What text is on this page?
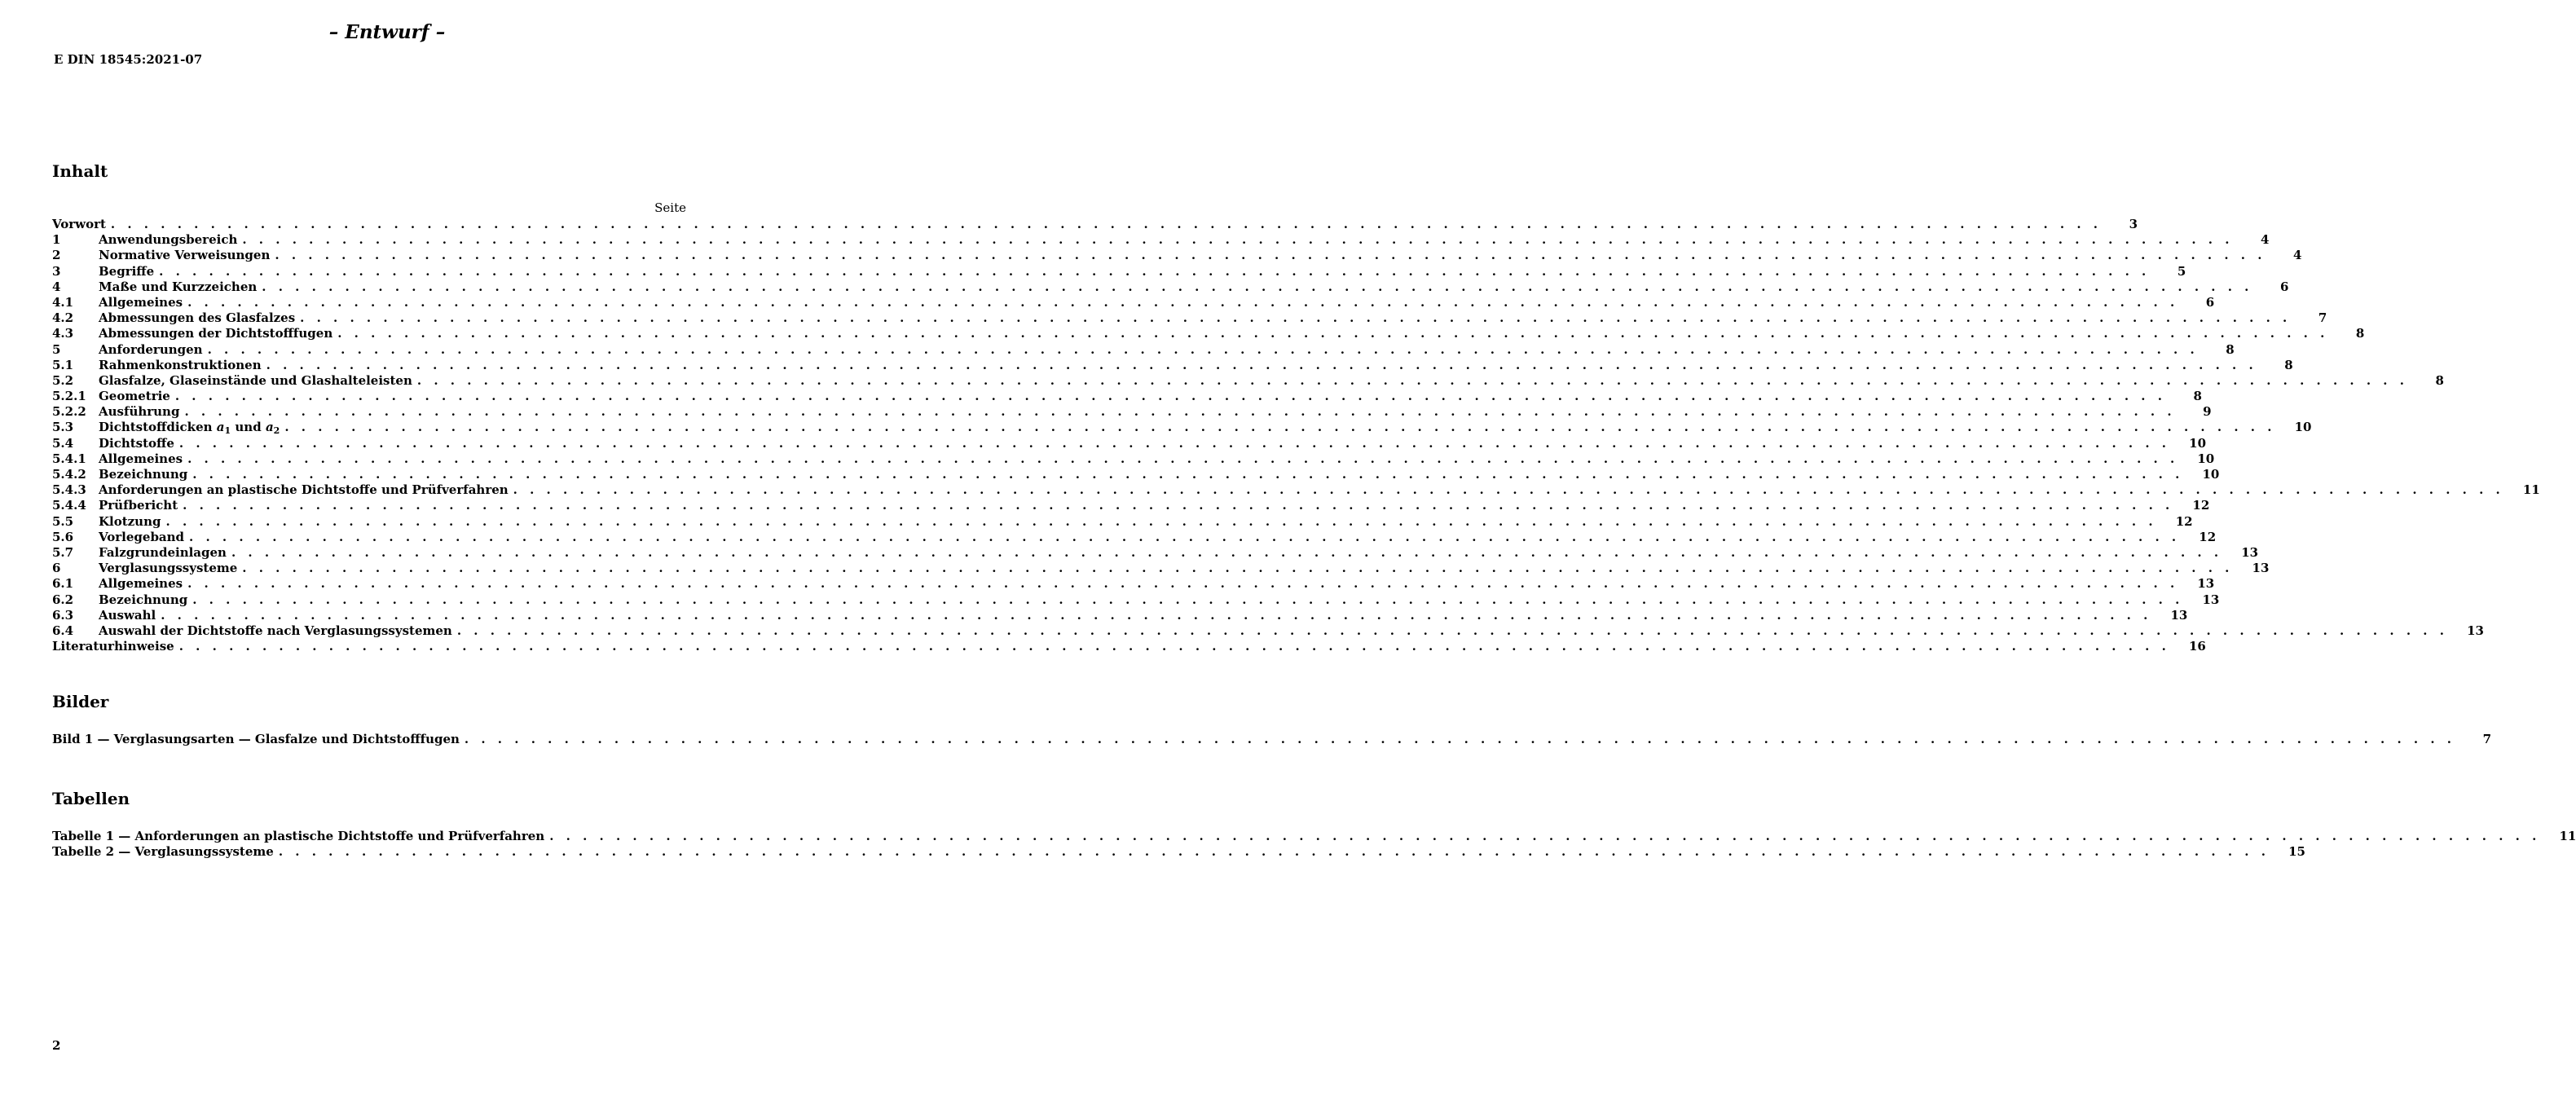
– Entwurf –
E DIN 18545:2021-07
Inhalt
Seite
Vorwort . . . . . . . . . . . . . . . . . . . . . . . . . . . . . . . . . . . . . . . . . . . . . . . . . . . . . . . . . . . . . . . . . . . . . . . . . . . . . . . . . . . . . . . . . . . . . . . . . . . . . . . . . . . . . . . . . . . . . . . .	3
1	Anwendungsbereich . . . . . . . . . . . . . . . . . . . . . . . . . . . . . . . . . . . . . . . . . . . . . . . . . . . . . . . . . . . . . . . . . . . . . . . . . . . . . . . . . . . . . . . . . . . . . . . . . . . . . . . . . . . . . . . . . . . . . . . .	4
2	Normative Verweisungen . . . . . . . . . . . . . . . . . . . . . . . . . . . . . . . . . . . . . . . . . . . . . . . . . . . . . . . . . . . . . . . . . . . . . . . . . . . . . . . . . . . . . . . . . . . . . . . . . . . . . . . . . . . . . . . . . . . . . . . .	4
3	Begriffe . . . . . . . . . . . . . . . . . . . . . . . . . . . . . . . . . . . . . . . . . . . . . . . . . . . . . . . . . . . . . . . . . . . . . . . . . . . . . . . . . . . . . . . . . . . . . . . . . . . . . . . . . . . . . . . . . . . . . . . .	5
4	Maße und Kurzzeichen . . . . . . . . . . . . . . . . . . . . . . . . . . . . . . . . . . . . . . . . . . . . . . . . . . . . . . . . . . . . . . . . . . . . . . . . . . . . . . . . . . . . . . . . . . . . . . . . . . . . . . . . . . . . . . . . . . . . . . . .	6
4.1	Allgemeines . . . . . . . . . . . . . . . . . . . . . . . . . . . . . . . . . . . . . . . . . . . . . . . . . . . . . . . . . . . . . . . . . . . . . . . . . . . . . . . . . . . . . . . . . . . . . . . . . . . . . . . . . . . . . . . . . . . . . . . .	6
4.2	Abmessungen des Glasfalzes . . . . . . . . . . . . . . . . . . . . . . . . . . . . . . . . . . . . . . . . . . . . . . . . . . . . . . . . . . . . . . . . . . . . . . . . . . . . . . . . . . . . . . . . . . . . . . . . . . . . . . . . . . . . . . . . . . . . . . . .	7
4.3	Abmessungen der Dichtstofffugen . . . . . . . . . . . . . . . . . . . . . . . . . . . . . . . . . . . . . . . . . . . . . . . . . . . . . . . . . . . . . . . . . . . . . . . . . . . . . . . . . . . . . . . . . . . . . . . . . . . . . . . . . . . . . . . . . . . . . . . .	8
5	Anforderungen . . . . . . . . . . . . . . . . . . . . . . . . . . . . . . . . . . . . . . . . . . . . . . . . . . . . . . . . . . . . . . . . . . . . . . . . . . . . . . . . . . . . . . . . . . . . . . . . . . . . . . . . . . . . . . . . . . . . . . . .	8
5.1	Rahmenkonstruktionen . . . . . . . . . . . . . . . . . . . . . . . . . . . . . . . . . . . . . . . . . . . . . . . . . . . . . . . . . . . . . . . . . . . . . . . . . . . . . . . . . . . . . . . . . . . . . . . . . . . . . . . . . . . . . . . . . . . . . . . .	8
5.2	Glasfalze, Glaseinstände und Glashalteleisten . . . . . . . . . . . . . . . . . . . . . . . . . . . . . . . . . . . . . . . . . . . . . . . . . . . . . . . . . . . . . . . . . . . . . . . . . . . . . . . . . . . . . . . . . . . . . . . . . . . . . . . . . . . . . . . . . . . . . . . .	8
5.2.1	Geometrie . . . . . . . . . . . . . . . . . . . . . . . . . . . . . . . . . . . . . . . . . . . . . . . . . . . . . . . . . . . . . . . . . . . . . . . . . . . . . . . . . . . . . . . . . . . . . . . . . . . . . . . . . . . . . . . . . . . . . . . .	8
5.2.2	Ausführung . . . . . . . . . . . . . . . . . . . . . . . . . . . . . . . . . . . . . . . . . . . . . . . . . . . . . . . . . . . . . . . . . . . . . . . . . . . . . . . . . . . . . . . . . . . . . . . . . . . . . . . . . . . . . . . . . . . . . . . .	9
5.3	Dichtstoffdicken $a_1$ und $a_2$ . . . . . . . . . . . . . . . . . . . . . . . . . . . . . . . . . . . . . . . . . . . . . . . . . . . . . . . . . . . . . . . . . . . . . . . . . . . . . . . . . . . . . . . . . . . . . . . . . . . . . . . . . . . . . . . . . . . . . . . .	10
5.4	Dichtstoffe . . . . . . . . . . . . . . . . . . . . . . . . . . . . . . . . . . . . . . . . . . . . . . . . . . . . . . . . . . . . . . . . . . . . . . . . . . . . . . . . . . . . . . . . . . . . . . . . . . . . . . . . . . . . . . . . . . . . . . . .	10
5.4.1	Allgemeines . . . . . . . . . . . . . . . . . . . . . . . . . . . . . . . . . . . . . . . . . . . . . . . . . . . . . . . . . . . . . . . . . . . . . . . . . . . . . . . . . . . . . . . . . . . . . . . . . . . . . . . . . . . . . . . . . . . . . . . .	10
5.4.2	Bezeichnung . . . . . . . . . . . . . . . . . . . . . . . . . . . . . . . . . . . . . . . . . . . . . . . . . . . . . . . . . . . . . . . . . . . . . . . . . . . . . . . . . . . . . . . . . . . . . . . . . . . . . . . . . . . . . . . . . . . . . . . .	10
5.4.3	Anforderungen an plastische Dichtstoffe und Prüfverfahren . . . . . . . . . . . . . . . . . . . . . . . . . . . . . . . . . . . . . . . . . . . . . . . . . . . . . . . . . . . . . . . . . . . . . . . . . . . . . . . . . . . . . . . . . . . . . . . . . . . . . . . . . . . . . . . . . . . . . . . .	11
5.4.4	Prüfbericht . . . . . . . . . . . . . . . . . . . . . . . . . . . . . . . . . . . . . . . . . . . . . . . . . . . . . . . . . . . . . . . . . . . . . . . . . . . . . . . . . . . . . . . . . . . . . . . . . . . . . . . . . . . . . . . . . . . . . . . .	12
5.5	Klotzung . . . . . . . . . . . . . . . . . . . . . . . . . . . . . . . . . . . . . . . . . . . . . . . . . . . . . . . . . . . . . . . . . . . . . . . . . . . . . . . . . . . . . . . . . . . . . . . . . . . . . . . . . . . . . . . . . . . . . . . .	12
5.6	Vorlegeband . . . . . . . . . . . . . . . . . . . . . . . . . . . . . . . . . . . . . . . . . . . . . . . . . . . . . . . . . . . . . . . . . . . . . . . . . . . . . . . . . . . . . . . . . . . . . . . . . . . . . . . . . . . . . . . . . . . . . . . .	12
5.7	Falzgrundeinlagen . . . . . . . . . . . . . . . . . . . . . . . . . . . . . . . . . . . . . . . . . . . . . . . . . . . . . . . . . . . . . . . . . . . . . . . . . . . . . . . . . . . . . . . . . . . . . . . . . . . . . . . . . . . . . . . . . . . . . . . .	13
6	Verglasungssysteme . . . . . . . . . . . . . . . . . . . . . . . . . . . . . . . . . . . . . . . . . . . . . . . . . . . . . . . . . . . . . . . . . . . . . . . . . . . . . . . . . . . . . . . . . . . . . . . . . . . . . . . . . . . . . . . . . . . . . . . .	13
6.1	Allgemeines . . . . . . . . . . . . . . . . . . . . . . . . . . . . . . . . . . . . . . . . . . . . . . . . . . . . . . . . . . . . . . . . . . . . . . . . . . . . . . . . . . . . . . . . . . . . . . . . . . . . . . . . . . . . . . . . . . . . . . . .	13
6.2	Bezeichnung . . . . . . . . . . . . . . . . . . . . . . . . . . . . . . . . . . . . . . . . . . . . . . . . . . . . . . . . . . . . . . . . . . . . . . . . . . . . . . . . . . . . . . . . . . . . . . . . . . . . . . . . . . . . . . . . . . . . . . . .	13
6.3	Auswahl . . . . . . . . . . . . . . . . . . . . . . . . . . . . . . . . . . . . . . . . . . . . . . . . . . . . . . . . . . . . . . . . . . . . . . . . . . . . . . . . . . . . . . . . . . . . . . . . . . . . . . . . . . . . . . . . . . . . . . . .	13
6.4	Auswahl der Dichtstoffe nach Verglasungssystemen . . . . . . . . . . . . . . . . . . . . . . . . . . . . . . . . . . . . . . . . . . . . . . . . . . . . . . . . . . . . . . . . . . . . . . . . . . . . . . . . . . . . . . . . . . . . . . . . . . . . . . . . . . . . . . . . . . . . . . . .	13
Literaturhinweise . . . . . . . . . . . . . . . . . . . . . . . . . . . . . . . . . . . . . . . . . . . . . . . . . . . . . . . . . . . . . . . . . . . . . . . . . . . . . . . . . . . . . . . . . . . . . . . . . . . . . . . . . . . . . . . . . . . . . . . .	16
Bilder
Bild 1 — Verglasungsarten — Glasfalze und Dichtstofffugen . . . . . . . . . . . . . . . . . . . . . . . . . . . . . . . . . . . . . . . . . . . . . . . . . . . . . . . . . . . . . . . . . . . . . . . . . . . . . . . . . . . . . . . . . . . . . . . . . . . . . . . . . . . . . . . . . . . . . . . .	7
Tabellen
Tabelle 1 — Anforderungen an plastische Dichtstoffe und Prüfverfahren . . . . . . . . . . . . . . . . . . . . . . . . . . . . . . . . . . . . . . . . . . . . . . . . . . . . . . . . . . . . . . . . . . . . . . . . . . . . . . . . . . . . . . . . . . . . . . . . . . . . . . . . . . . . . . . . . . . . . . . .	11
Tabelle 2 — Verglasungssysteme . . . . . . . . . . . . . . . . . . . . . . . . . . . . . . . . . . . . . . . . . . . . . . . . . . . . . . . . . . . . . . . . . . . . . . . . . . . . . . . . . . . . . . . . . . . . . . . . . . . . . . . . . . . . . . . . . . . . . . . .	15
2
